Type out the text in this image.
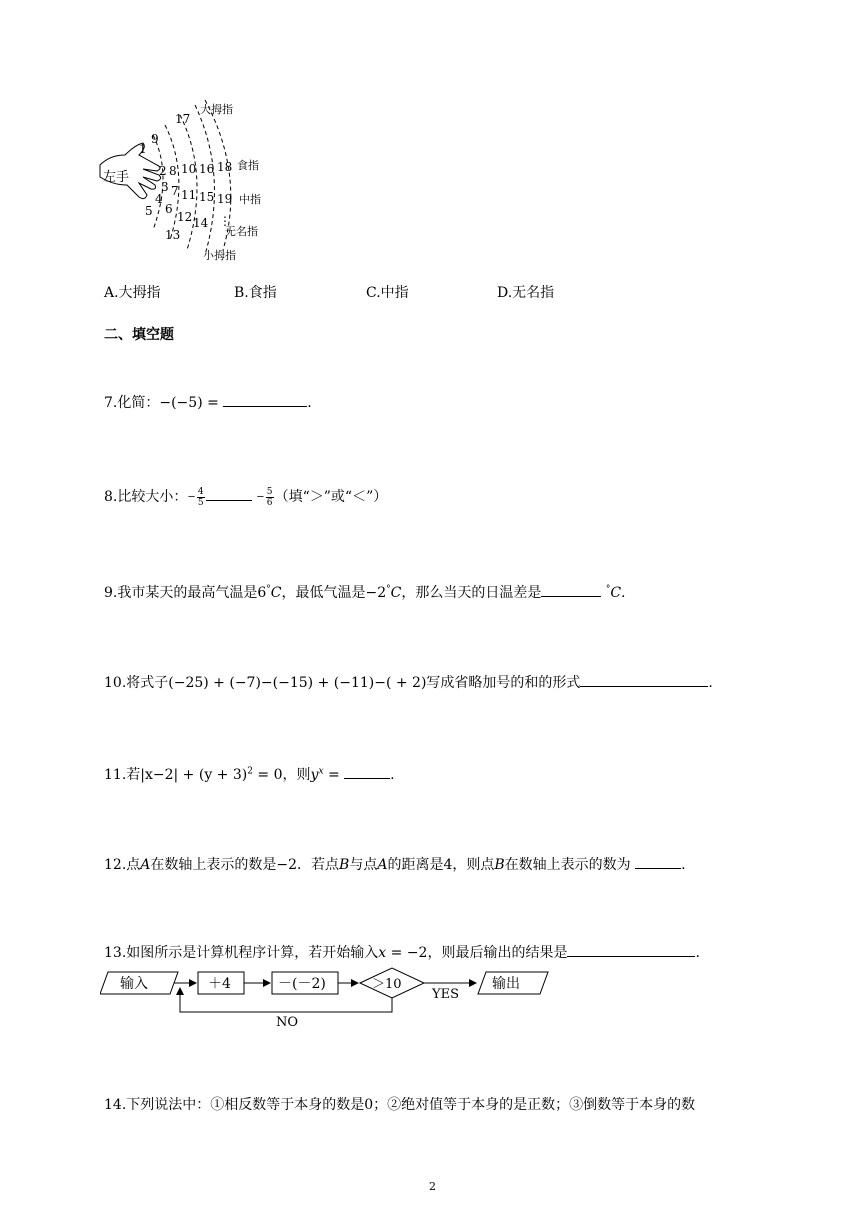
左手
1
2
3
4
5 6
7
8
9
10
11
12
13
14
15
16
17
18
19
⋮
大拇指
食指
中指
无名指
小拇指
A.大拇指	B.食指	C.中指	D.无名指
二、填空题
7.化简：−(−5) =	.
8.比较大小：− $\frac{4}{5}$	− $\frac{5}{6}$ （填“＞”或“＜”）
9.我市某天的最高气温是6°C，最低气温是−2°C，那么当天的日温差是	°C.
10.将式子(−25) + (−7)−(−15) + (−11)−( + 2)写成省略加号的和的形式	.
11.若$|x-2| + (y + 3)^2 = 0$，则$y^x$ =	.
12.点A在数轴上表示的数是−2．若点B与点A的距离是4，则点B在数轴上表示的数为	.
13.如图所示是计算机程序计算，若开始输入x = −2，则最后输出的结果是	.
输入	＋4	－(－2)	＞10
YES
输出
NO
14.下列说法中：①相反数等于本身的数是0；②绝对值等于本身的是正数；③倒数等于本身的数
2
